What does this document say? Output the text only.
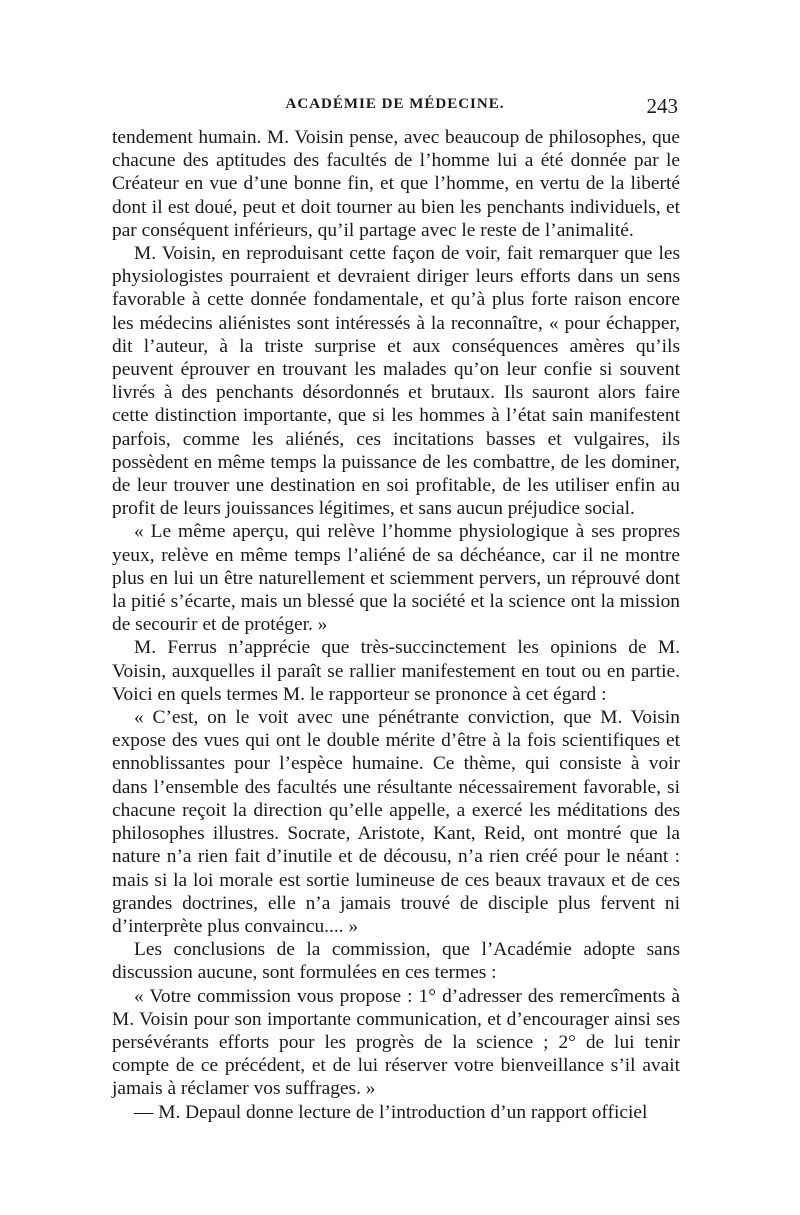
ACADÉMIE DE MÉDECINE.	243

tendement humain. M. Voisin pense, avec beaucoup de philosophes, que chacune des aptitudes des facultés de l’homme lui a été donnée par le Créateur en vue d’une bonne fin, et que l’homme, en vertu de la liberté dont il est doué, peut et doit tourner au bien les penchants individuels, et par conséquent inférieurs, qu’il partage avec le reste de l’animalité.

M. Voisin, en reproduisant cette façon de voir, fait remarquer que les physiologistes pourraient et devraient diriger leurs efforts dans un sens favorable à cette donnée fondamentale, et qu’à plus forte raison encore les médecins aliénistes sont intéressés à la reconnaître, « pour échapper, dit l’auteur, à la triste surprise et aux conséquences amères qu’ils peuvent éprouver en trouvant les malades qu’on leur confie si souvent livrés à des penchants désordonnés et brutaux. Ils sauront alors faire cette distinction importante, que si les hommes à l’état sain manifestent parfois, comme les aliénés, ces incitations basses et vulgaires, ils possèdent en même temps la puissance de les combattre, de les dominer, de leur trouver une destination en soi profitable, de les utiliser enfin au profit de leurs jouissances légitimes, et sans aucun préjudice social.

« Le même aperçu, qui relève l’homme physiologique à ses propres yeux, relève en même temps l’aliéné de sa déchéance, car il ne montre plus en lui un être naturellement et sciemment pervers, un réprouvé dont la pitié s’écarte, mais un blessé que la société et la science ont la mission de secourir et de protéger. »

M. Ferrus n’apprécie que très-succinctement les opinions de M. Voisin, auxquelles il paraît se rallier manifestement en tout ou en partie. Voici en quels termes M. le rapporteur se prononce à cet égard :

« C’est, on le voit avec une pénétrante conviction, que M. Voisin expose des vues qui ont le double mérite d’être à la fois scientifiques et ennoblissantes pour l’espèce humaine. Ce thème, qui consiste à voir dans l’ensemble des facultés une résultante nécessairement favorable, si chacune reçoit la direction qu’elle appelle, a exercé les méditations des philosophes illustres. Socrate, Aristote, Kant, Reid, ont montré que la nature n’a rien fait d’inutile et de décousu, n’a rien créé pour le néant : mais si la loi morale est sortie lumineuse de ces beaux travaux et de ces grandes doctrines, elle n’a jamais trouvé de disciple plus fervent ni d’interprète plus convaincu.... »

Les conclusions de la commission, que l’Académie adopte sans discussion aucune, sont formulées en ces termes :

« Votre commission vous propose : 1° d’adresser des remercîments à M. Voisin pour son importante communication, et d’encourager ainsi ses persévérants efforts pour les progrès de la science ; 2° de lui tenir compte de ce précédent, et de lui réserver votre bienveillance s’il avait jamais à réclamer vos suffrages. »

— M. Depaul donne lecture de l’introduction d’un rapport officiel
